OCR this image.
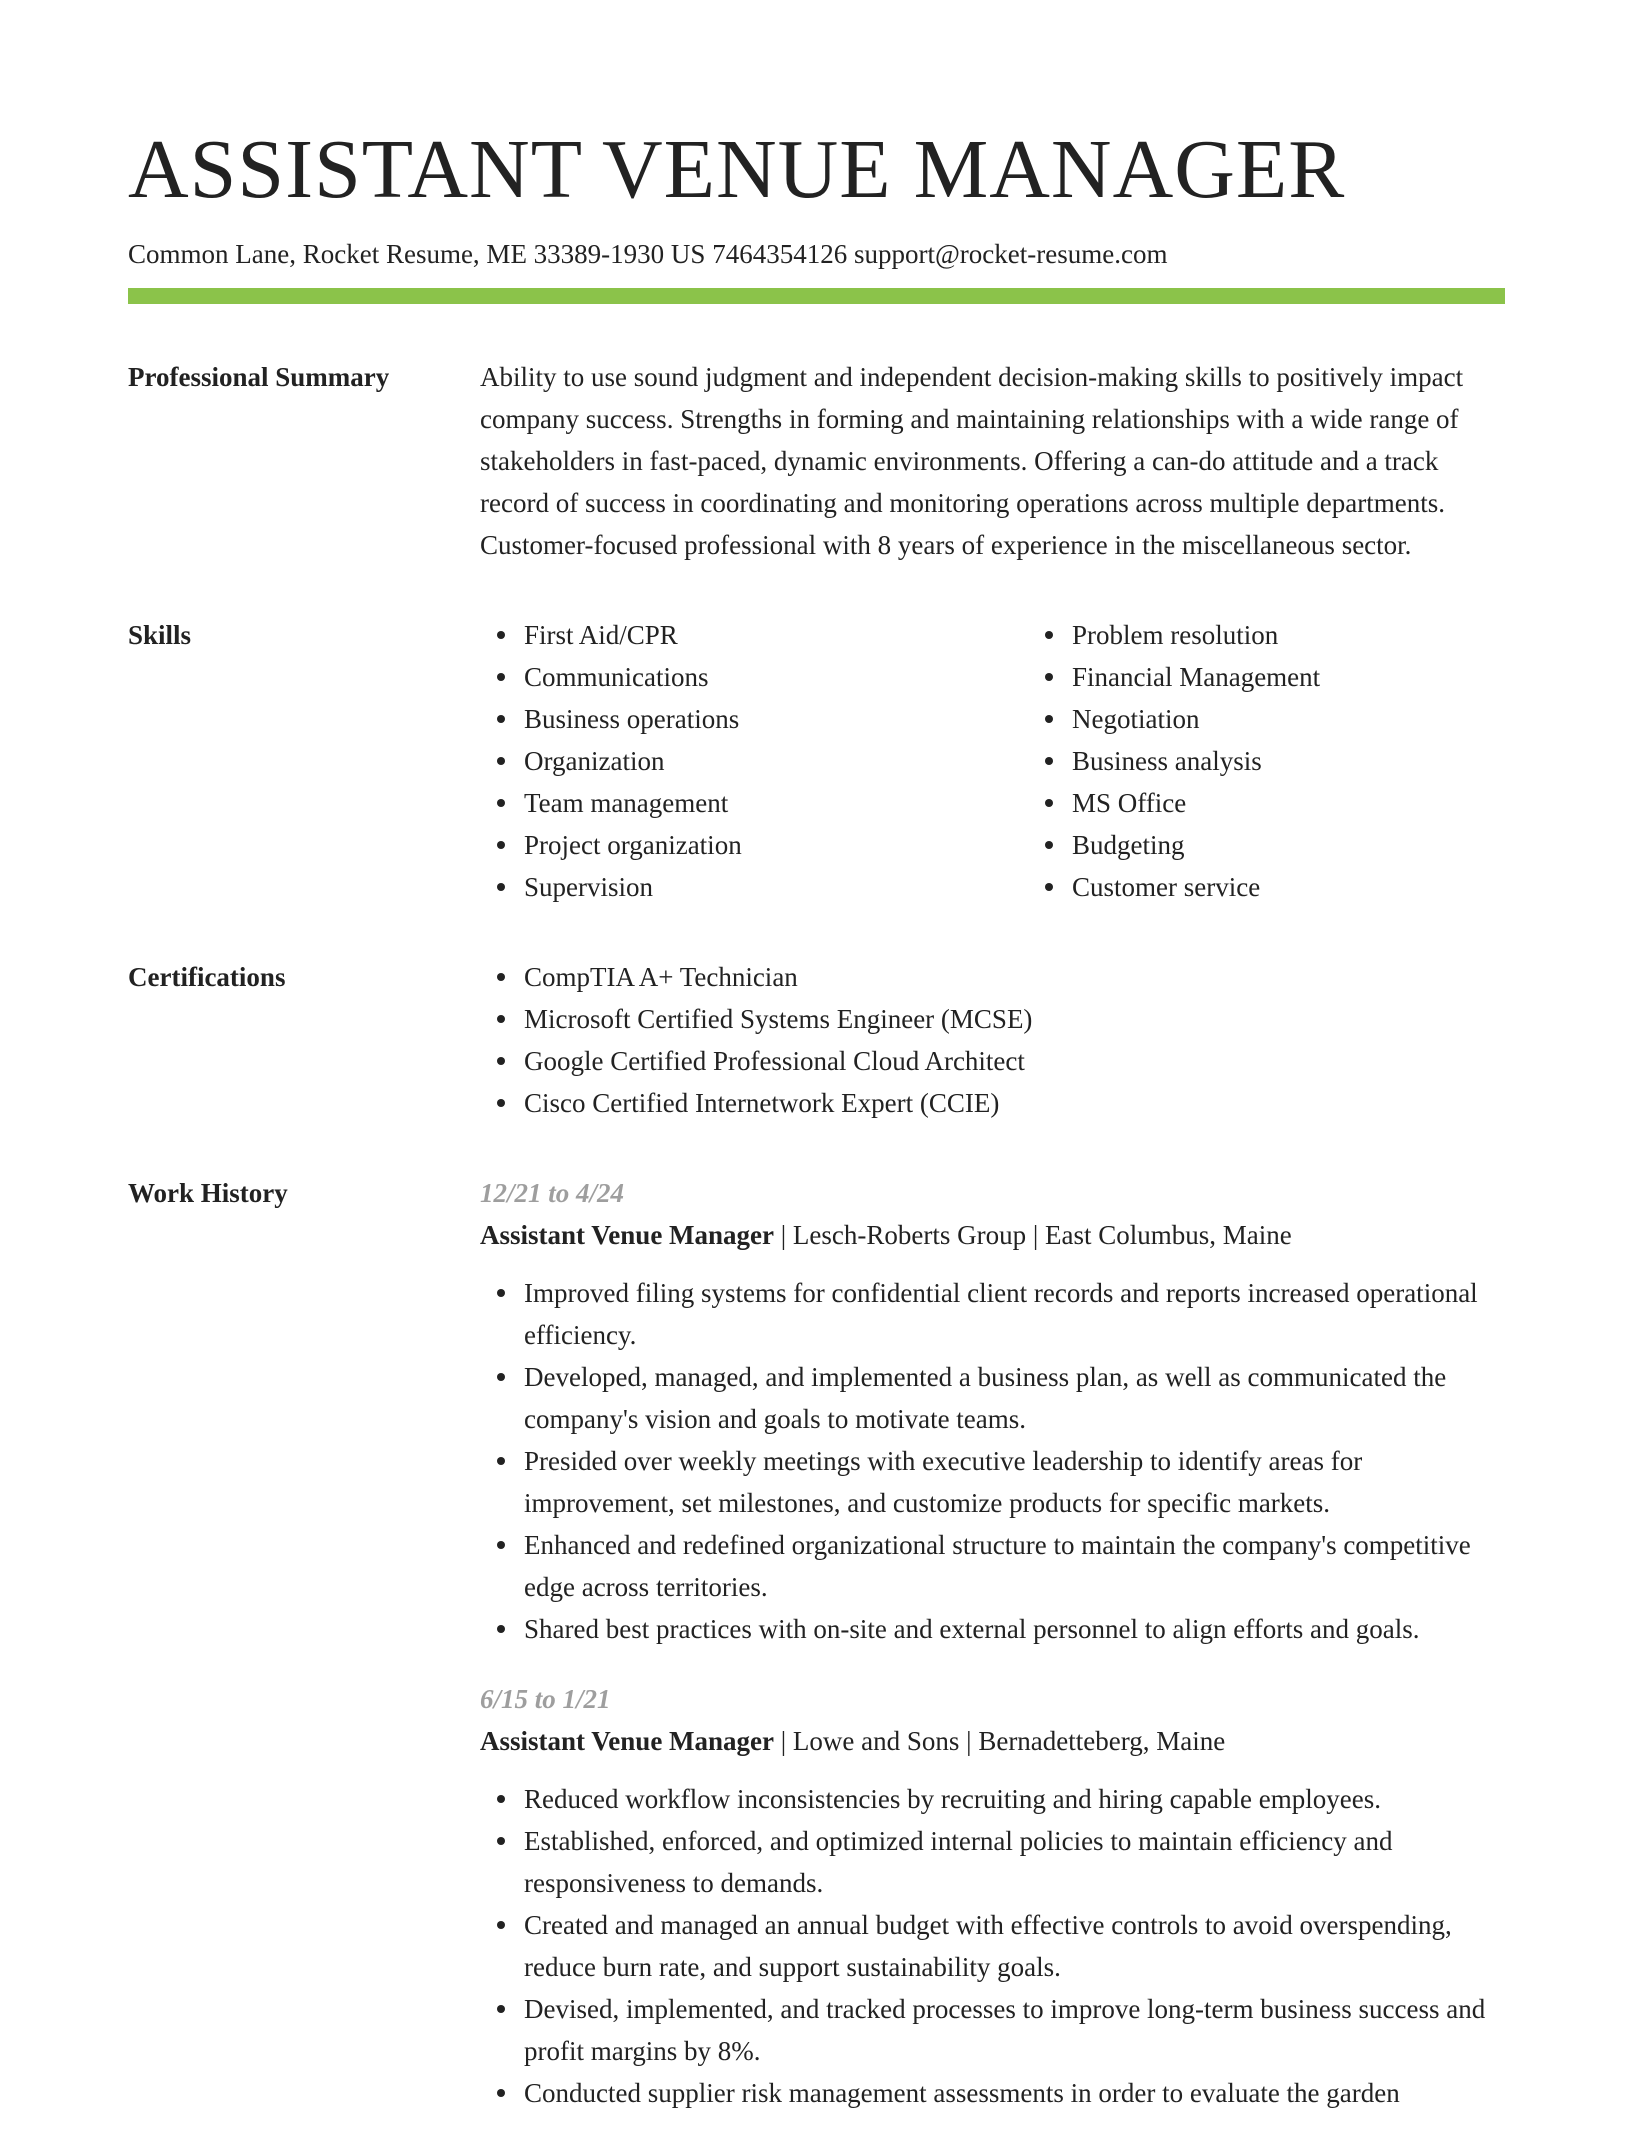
ASSISTANT VENUE MANAGER
Common Lane, Rocket Resume, ME 33389-1930 US 7464354126 support@rocket-resume.com
Professional Summary	Ability to use sound judgment and independent decision-making skills to positively impact company success. Strengths in forming and maintaining relationships with a wide range of stakeholders in fast-paced, dynamic environments. Offering a can-do attitude and a track record of success in coordinating and monitoring operations across multiple departments. Customer-focused professional with 8 years of experience in the miscellaneous sector.

Skills	First Aid/CPR
Communications
Business operations
Organization
Team management
Project organization
Supervision
Problem resolution
Financial Management
Negotiation
Business analysis
MS Office
Budgeting
Customer service
Certifications	CompTIA A+ Technician
Microsoft Certified Systems Engineer (MCSE)
Google Certified Professional Cloud Architect
Cisco Certified Internetwork Expert (CCIE)
Work History	12/21 to 4/24
Assistant Venue Manager | Lesch-Roberts Group | East Columbus, Maine
Improved filing systems for confidential client records and reports increased operational efficiency.
Developed, managed, and implemented a business plan, as well as communicated the company's vision and goals to motivate teams.
Presided over weekly meetings with executive leadership to identify areas for improvement, set milestones, and customize products for specific markets.
Enhanced and redefined organizational structure to maintain the company's competitive edge across territories.
Shared best practices with on-site and external personnel to align efforts and goals.
6/15 to 1/21
Assistant Venue Manager | Lowe and Sons | Bernadetteberg, Maine
Reduced workflow inconsistencies by recruiting and hiring capable employees.
Established, enforced, and optimized internal policies to maintain efficiency and responsiveness to demands.
Created and managed an annual budget with effective controls to avoid overspending, reduce burn rate, and support sustainability goals.
Devised, implemented, and tracked processes to improve long-term business success and profit margins by 8%.
Conducted supplier risk management assessments in order to evaluate the garden
